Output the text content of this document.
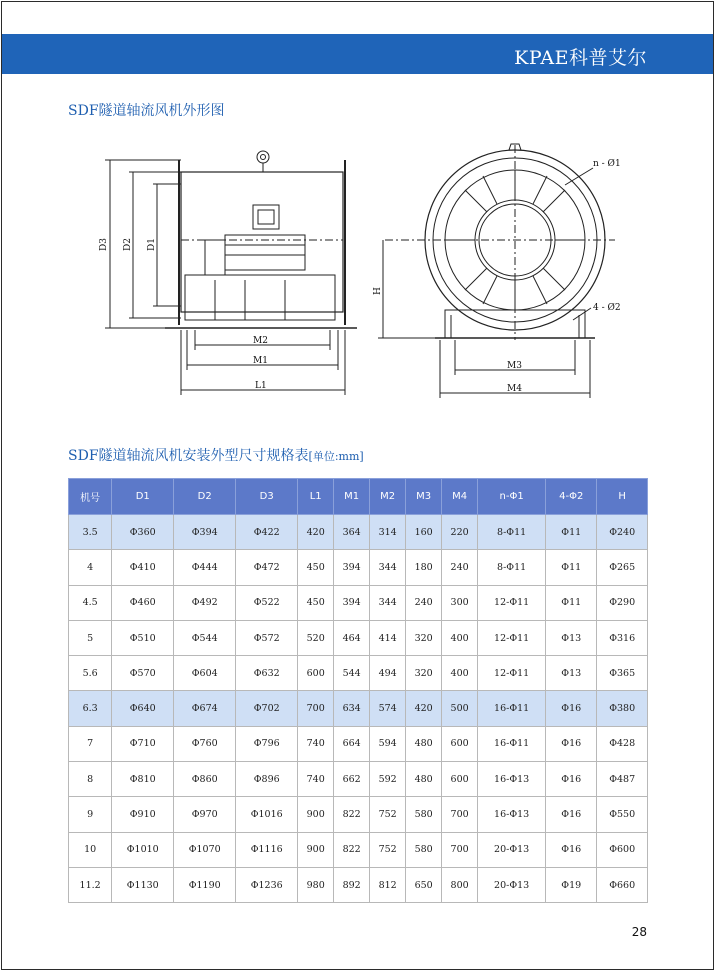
KPAE科普艾尔
SDF隧道轴流风机外形图
D3 D2 D1
H
M2
M1
L1
M3
M4
n - Ø1
4 - Ø2
SDF隧道轴流风机安装外型尺寸规格表[单位:mm]
机号	D1	D2	D3	L1	M1	M2	M3	M4	n-Φ1	4-Φ2	H
3.5	Φ360	Φ394	Φ422	420	364	314	160	220	8-Φ11	Φ11	Φ240
4	Φ410	Φ444	Φ472	450	394	344	180	240	8-Φ11	Φ11	Φ265
4.5	Φ460	Φ492	Φ522	450	394	344	240	300	12-Φ11	Φ11	Φ290
5	Φ510	Φ544	Φ572	520	464	414	320	400	12-Φ11	Φ13	Φ316
5.6	Φ570	Φ604	Φ632	600	544	494	320	400	12-Φ11	Φ13	Φ365
6.3	Φ640	Φ674	Φ702	700	634	574	420	500	16-Φ11	Φ16	Φ380
7	Φ710	Φ760	Φ796	740	664	594	480	600	16-Φ11	Φ16	Φ428
8	Φ810	Φ860	Φ896	740	662	592	480	600	16-Φ13	Φ16	Φ487
9	Φ910	Φ970	Φ1016	900	822	752	580	700	16-Φ13	Φ16	Φ550
10	Φ1010	Φ1070	Φ1116	900	822	752	580	700	20-Φ13	Φ16	Φ600
11.2	Φ1130	Φ1190	Φ1236	980	892	812	650	800	20-Φ13	Φ19	Φ660
28
